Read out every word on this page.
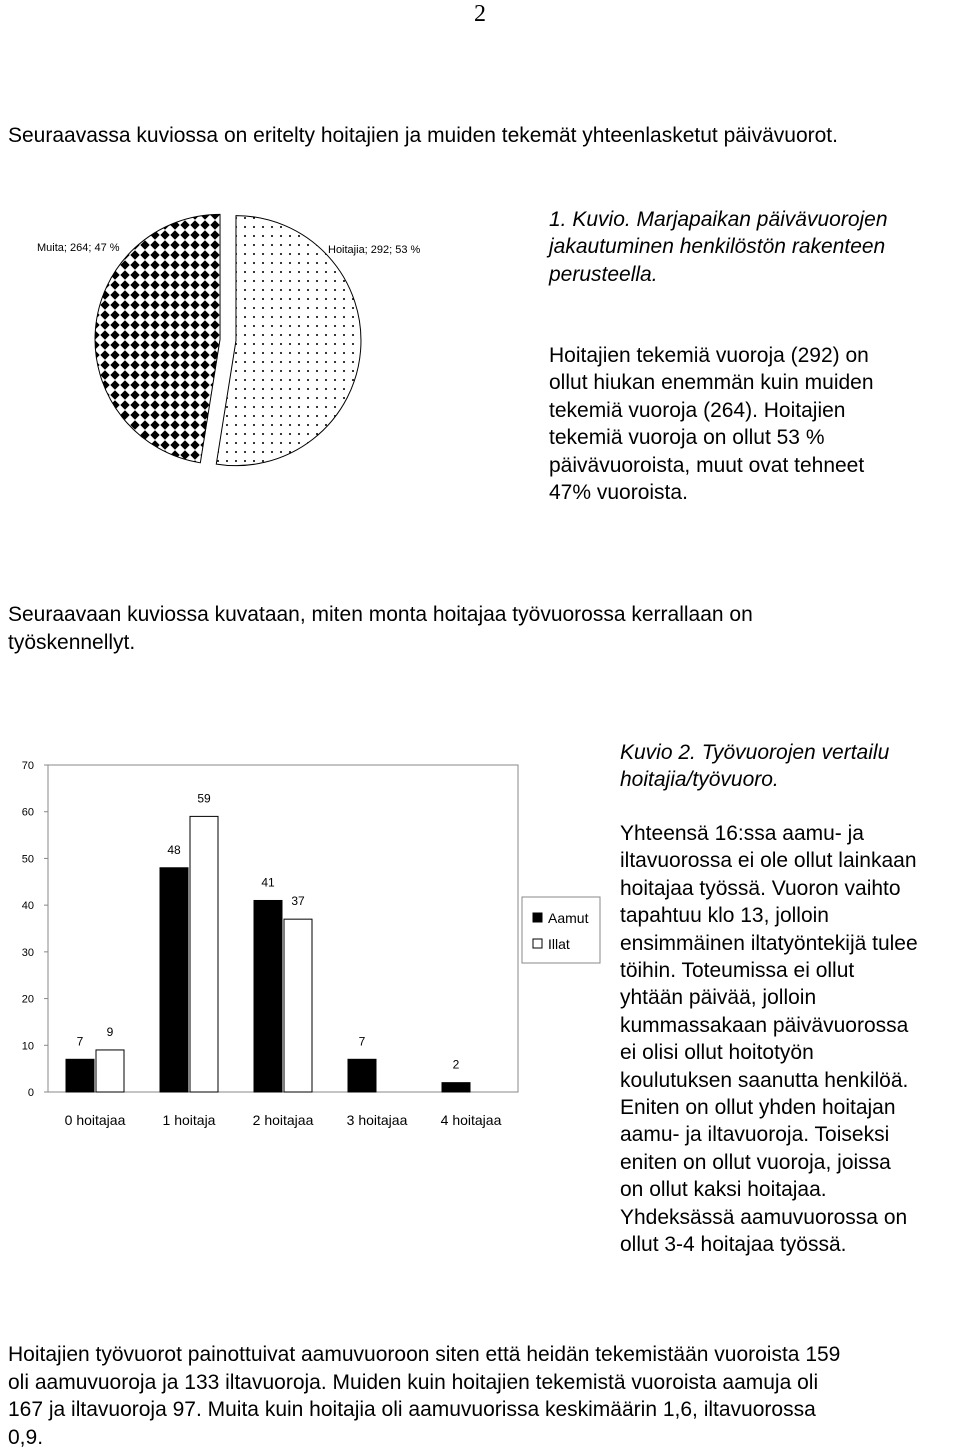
2
Seuraavassa kuviossa on eritelty hoitajien ja muiden tekemät yhteenlasketut päivävuorot.
Hoitajia; 292; 53 %
Muita; 264; 47 %
1. Kuvio. Marjapaikan päivävuorojen
jakautuminen henkilöstön rakenteen
perusteella.
Hoitajien tekemiä vuoroja (292) on
ollut hiukan enemmän kuin muiden
tekemiä vuoroja (264). Hoitajien
tekemiä vuoroja on ollut 53 %
päivävuoroista, muut ovat tehneet
47% vuoroista.
Seuraavaan kuviossa kuvataan, miten monta hoitajaa työvuorossa kerrallaan on
työskennellyt.
0
10
20
30
40
50
60
70
7
9
0 hoitajaa
48
59
1 hoitaja
41
37
2 hoitajaa
7
3 hoitajaa
2
4 hoitajaa
Aamut
Illat
Kuvio 2. Työvuorojen vertailu
hoitajia/työvuoro.
Yhteensä 16:ssa aamu- ja
iltavuorossa ei ole ollut lainkaan
hoitajaa työssä. Vuoron vaihto
tapahtuu klo 13, jolloin
ensimmäinen iltatyöntekijä tulee
töihin. Toteumissa ei ollut
yhtään päivää, jolloin
kummassakaan päivävuorossa
ei olisi ollut hoitotyön
koulutuksen saanutta henkilöä.
Eniten on ollut yhden hoitajan
aamu- ja iltavuoroja. Toiseksi
eniten on ollut vuoroja, joissa
on ollut kaksi hoitajaa.
Yhdeksässä aamuvuorossa on
ollut 3-4 hoitajaa työssä.
Hoitajien työvuorot painottuivat aamuvuoroon siten että heidän tekemistään vuoroista 159
oli aamuvuoroja ja 133 iltavuoroja. Muiden kuin hoitajien tekemistä vuoroista aamuja oli
167 ja iltavuoroja 97. Muita kuin hoitajia oli aamuvuorissa keskimäärin 1,6, iltavuorossa
0,9.
